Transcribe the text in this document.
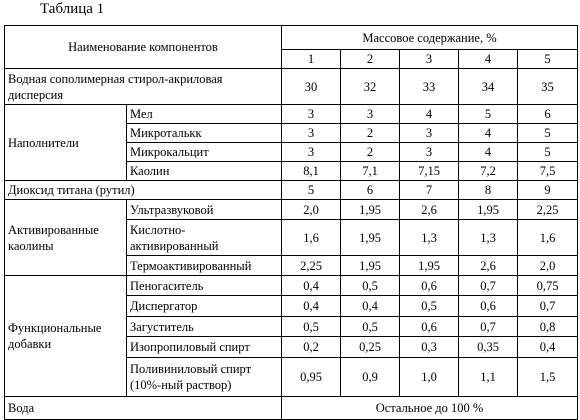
Таблица 1
Наименование компонентов		Массовое содержание, %				
		1	2	3	4	5

Водная сополимерная стирол-акриловая
дисперсия		30	32	33	34	35
Наполнители	Мел	3	3	4	5	6
	Микроталькк	3	2	3	4	5
	Микрокальцит	3	2	3	4	5
	Каолин	8,1	7,1	7,15	7,2	7,5
Диоксид титана (рутил)		5	6	7	8	9

Активированные
каолины	Ультразвуковой	2,0	1,95	2,6	1,95	2,25

	Кислотно-
активированный	1,6	1,95	1,3	1,3	1,6
	Термоактивированный	2,25	1,95	1,95	2,6	2,0

Функциональные
добавки	Пеногаситель	0,4	0,5	0,6	0,7	0,75
	Диспергатор	0,4	0,4	0,5	0,6	0,7
	Загуститель	0,5	0,5	0,6	0,7	0,8
	Изопропиловый спирт	0,2	0,25	0,3	0,35	0,4

	Поливиниловый спирт
(10%-ный раствор)	0,95	0,9	1,0	1,1	1,5
Вода		Остальное до 100 %				
